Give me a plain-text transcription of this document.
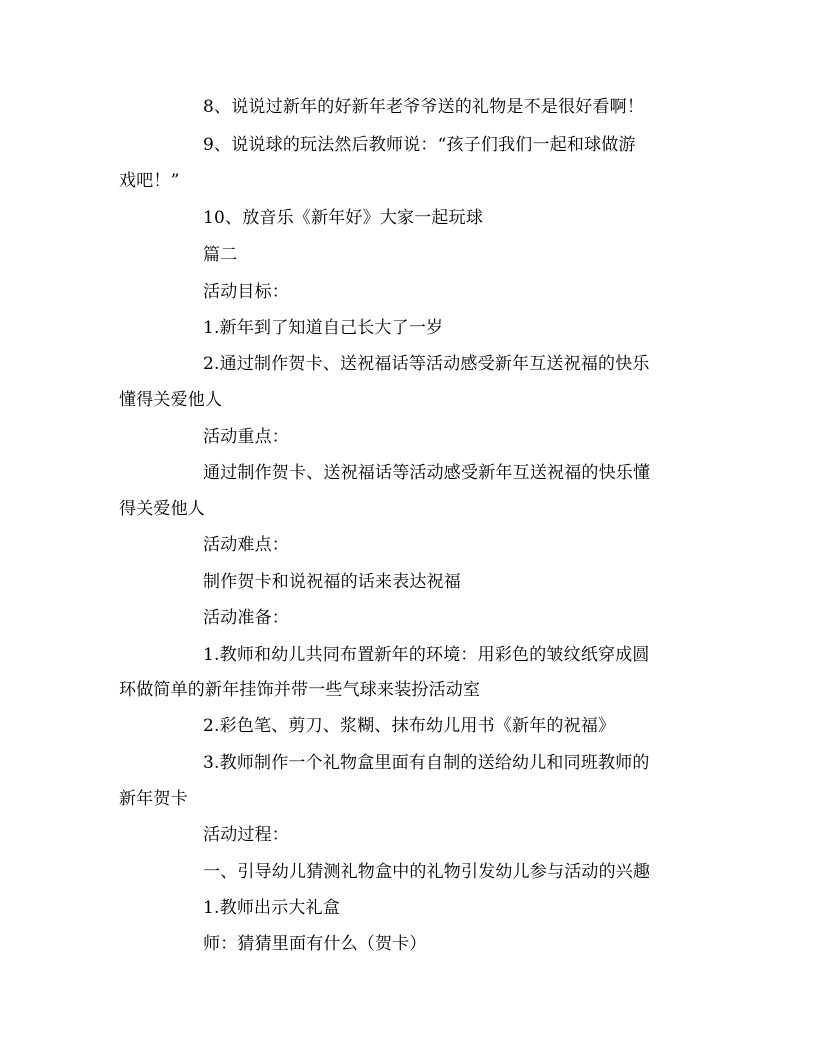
8、说说过新年的好新年老爷爷送的礼物是不是很好看啊！
9、说说球的玩法然后教师说：“孩子们我们一起和球做游
戏吧！”
10、放音乐《新年好》大家一起玩球
篇二
活动目标：
1.新年到了知道自己长大了一岁
2.通过制作贺卡、送祝福话等活动感受新年互送祝福的快乐
懂得关爱他人
活动重点：
通过制作贺卡、送祝福话等活动感受新年互送祝福的快乐懂
得关爱他人
活动难点：
制作贺卡和说祝福的话来表达祝福
活动准备：
1.教师和幼儿共同布置新年的环境：用彩色的皱纹纸穿成圆
环做简单的新年挂饰并带一些气球来装扮活动室
2.彩色笔、剪刀、浆糊、抹布幼儿用书《新年的祝福》
3.教师制作一个礼物盒里面有自制的送给幼儿和同班教师的
新年贺卡
活动过程：
一、引导幼儿猜测礼物盒中的礼物引发幼儿参与活动的兴趣
1.教师出示大礼盒
师：猜猜里面有什么（贺卡）
